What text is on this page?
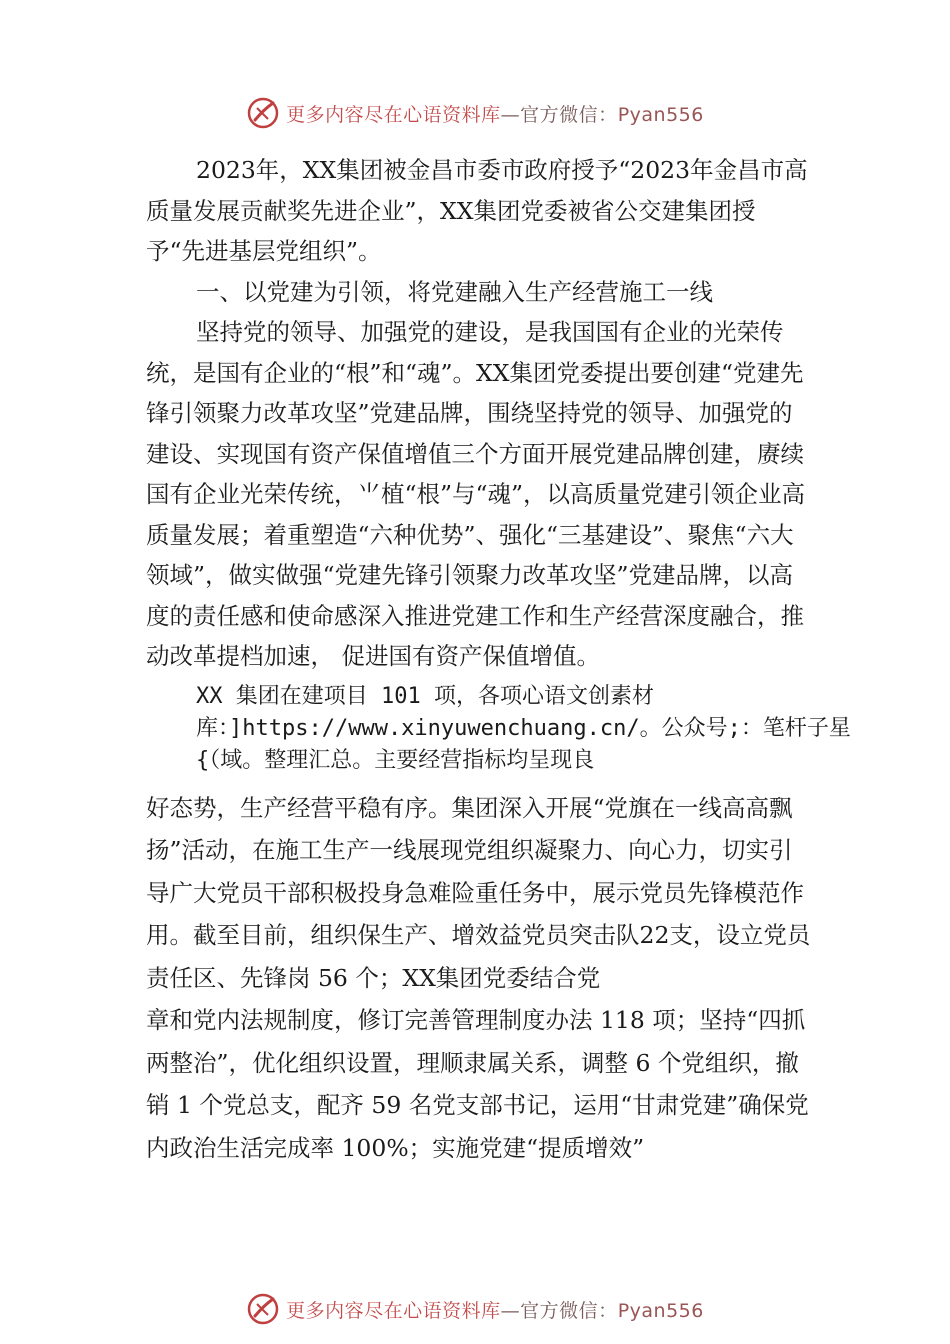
更多内容尽在心语资料库—官方微信：Pyan556

2023年，XX集团被金昌市委市政府授予“2023年金昌市高质量发展贡献奖先进企业”，XX集团党委被省公交建集团授予“先进基层党组织”。

一、以党建为引领，将党建融入生产经营施工一线

坚持党的领导、加强党的建设，是我国国有企业的光荣传统，是国有企业的“根”和“魂”。XX集团党委提出要创建“党建先锋引领聚力改革攻坚”党建品牌，围绕坚持党的领导、加强党的建设、实现国有资产保值增值三个方面开展党建品牌创建，赓续国有企业光荣传统，⺌植“根”与“魂”，以高质量党建引领企业高质量发展；着重塑造“六种优势”、强化“三基建设”、聚焦“六大领域”，做实做强“党建先锋引领聚力改革攻坚”党建品牌，以高度的责任感和使命感深入推进党建工作和生产经营深度融合，推动改革提档加速， 促进国有资产保值增值。

XX 集团在建项目 101 项，各项心语文创素材库：]https://www.xinyuwenchuang.cn/。公众号;：笔杆子星{（域。整理汇总。主要经营指标均呈现良

好态势，生产经营平稳有序。集团深入开展“党旗在一线高高飘扬”活动，在施工生产一线展现党组织凝聚力、向心力，切实引导广大党员干部积极投身急难险重任务中，展示党员先锋模范作用。截至目前，组织保生产、增效益党员突击队22支，设立党员责任区、先锋岗 56 个；XX集团党委结合党

章和党内法规制度，修订完善管理制度办法 118 项；坚持“四抓两整治”，优化组织设置，理顺隶属关系，调整 6 个党组织，撤销 1 个党总支，配齐 59 名党支部书记，运用“甘肃党建”确保党内政治生活完成率 100%；实施党建“提质增效”

更多内容尽在心语资料库—官方微信：Pyan556
